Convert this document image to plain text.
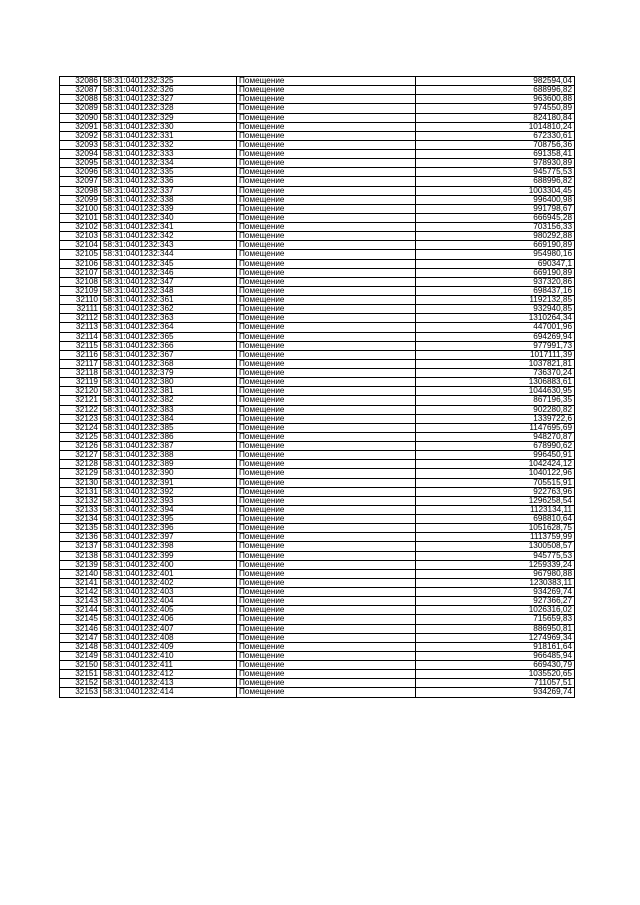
32086	58:31:0401232:325	Помещение	982594,04
32087	58:31:0401232:326	Помещение	688996,82
32088	58:31:0401232:327	Помещение	963600,88
32089	58:31:0401232:328	Помещение	974550,89
32090	58:31:0401232:329	Помещение	824180,84
32091	58:31:0401232:330	Помещение	1014810,24
32092	58:31:0401232:331	Помещение	672330,61
32093	58:31:0401232:332	Помещение	708756,36
32094	58:31:0401232:333	Помещение	691358,41
32095	58:31:0401232:334	Помещение	978930,89
32096	58:31:0401232:335	Помещение	945775,53
32097	58:31:0401232:336	Помещение	688996,82
32098	58:31:0401232:337	Помещение	1003304,45
32099	58:31:0401232:338	Помещение	996400,98
32100	58:31:0401232:339	Помещение	991798,67
32101	58:31:0401232:340	Помещение	666945,28
32102	58:31:0401232:341	Помещение	703156,33
32103	58:31:0401232:342	Помещение	980292,88
32104	58:31:0401232:343	Помещение	669190,89
32105	58:31:0401232:344	Помещение	954980,16
32106	58:31:0401232:345	Помещение	690347,1
32107	58:31:0401232:346	Помещение	669190,89
32108	58:31:0401232:347	Помещение	937320,86
32109	58:31:0401232:348	Помещение	698437,16
32110	58:31:0401232:361	Помещение	1192132,85
32111	58:31:0401232:362	Помещение	932940,85
32112	58:31:0401232:363	Помещение	1310264,34
32113	58:31:0401232:364	Помещение	447001,96
32114	58:31:0401232:365	Помещение	694269,94
32115	58:31:0401232:366	Помещение	977991,73
32116	58:31:0401232:367	Помещение	1017111,39
32117	58:31:0401232:368	Помещение	1037821,81
32118	58:31:0401232:379	Помещение	736370,24
32119	58:31:0401232:380	Помещение	1306883,61
32120	58:31:0401232:381	Помещение	1044630,95
32121	58:31:0401232:382	Помещение	867196,35
32122	58:31:0401232:383	Помещение	902280,82
32123	58:31:0401232:384	Помещение	1339722,6
32124	58:31:0401232:385	Помещение	1147695,69
32125	58:31:0401232:386	Помещение	948270,87
32126	58:31:0401232:387	Помещение	678990,62
32127	58:31:0401232:388	Помещение	996450,91
32128	58:31:0401232:389	Помещение	1042424,12
32129	58:31:0401232:390	Помещение	1040122,96
32130	58:31:0401232:391	Помещение	705515,91
32131	58:31:0401232:392	Помещение	922763,96
32132	58:31:0401232:393	Помещение	1296258,54
32133	58:31:0401232:394	Помещение	1123134,11
32134	58:31:0401232:395	Помещение	698810,64
32135	58:31:0401232:396	Помещение	1051628,75
32136	58:31:0401232:397	Помещение	1113759,99
32137	58:31:0401232:398	Помещение	1300508,57
32138	58:31:0401232:399	Помещение	945775,53
32139	58:31:0401232:400	Помещение	1259339,24
32140	58:31:0401232:401	Помещение	967980,88
32141	58:31:0401232:402	Помещение	1230383,11
32142	58:31:0401232:403	Помещение	934269,74
32143	58:31:0401232:404	Помещение	927366,27
32144	58:31:0401232:405	Помещение	1026316,02
32145	58:31:0401232:406	Помещение	715659,83
32146	58:31:0401232:407	Помещение	886950,81
32147	58:31:0401232:408	Помещение	1274969,34
32148	58:31:0401232:409	Помещение	918161,64
32149	58:31:0401232:410	Помещение	966485,94
32150	58:31:0401232:411	Помещение	669430,79
32151	58:31:0401232:412	Помещение	1035520,65
32152	58:31:0401232:413	Помещение	711057,51
32153	58:31:0401232:414	Помещение	934269,74
